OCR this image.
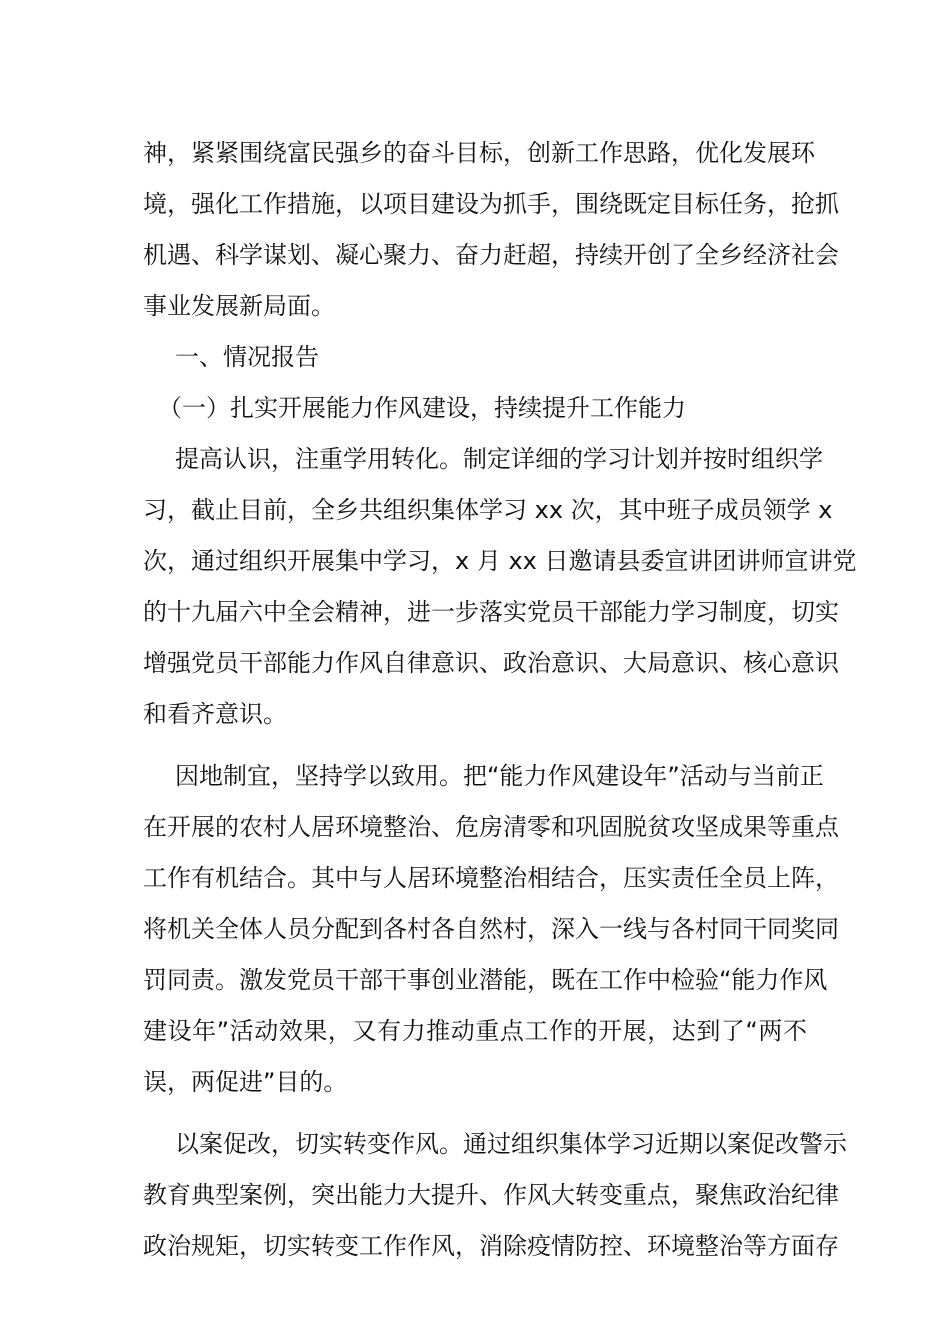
神，紧紧围绕富民强乡的奋斗目标，创新工作思路，优化发展环
境，强化工作措施，以项目建设为抓手，围绕既定目标任务，抢抓
机遇、科学谋划、凝心聚力、奋力赶超，持续开创了全乡经济社会
事业发展新局面。
一、情况报告
（一）扎实开展能力作风建设，持续提升工作能力
提高认识，注重学用转化。制定详细的学习计划并按时组织学
习，截止目前，全乡共组织集体学习 xx 次，其中班子成员领学 x
次，通过组织开展集中学习，x 月 xx 日邀请县委宣讲团讲师宣讲党
的十九届六中全会精神，进一步落实党员干部能力学习制度，切实
增强党员干部能力作风自律意识、政治意识、大局意识、核心意识
和看齐意识。
因地制宜，坚持学以致用。把“能力作风建设年”活动与当前正
在开展的农村人居环境整治、危房清零和巩固脱贫攻坚成果等重点
工作有机结合。其中与人居环境整治相结合，压实责任全员上阵，
将机关全体人员分配到各村各自然村，深入一线与各村同干同奖同
罚同责。激发党员干部干事创业潜能，既在工作中检验“能力作风
建设年”活动效果，又有力推动重点工作的开展，达到了“两不
误，两促进”目的。
以案促改，切实转变作风。通过组织集体学习近期以案促改警示
教育典型案例，突出能力大提升、作风大转变重点，聚焦政治纪律
政治规矩，切实转变工作作风，消除疫情防控、环境整治等方面存
